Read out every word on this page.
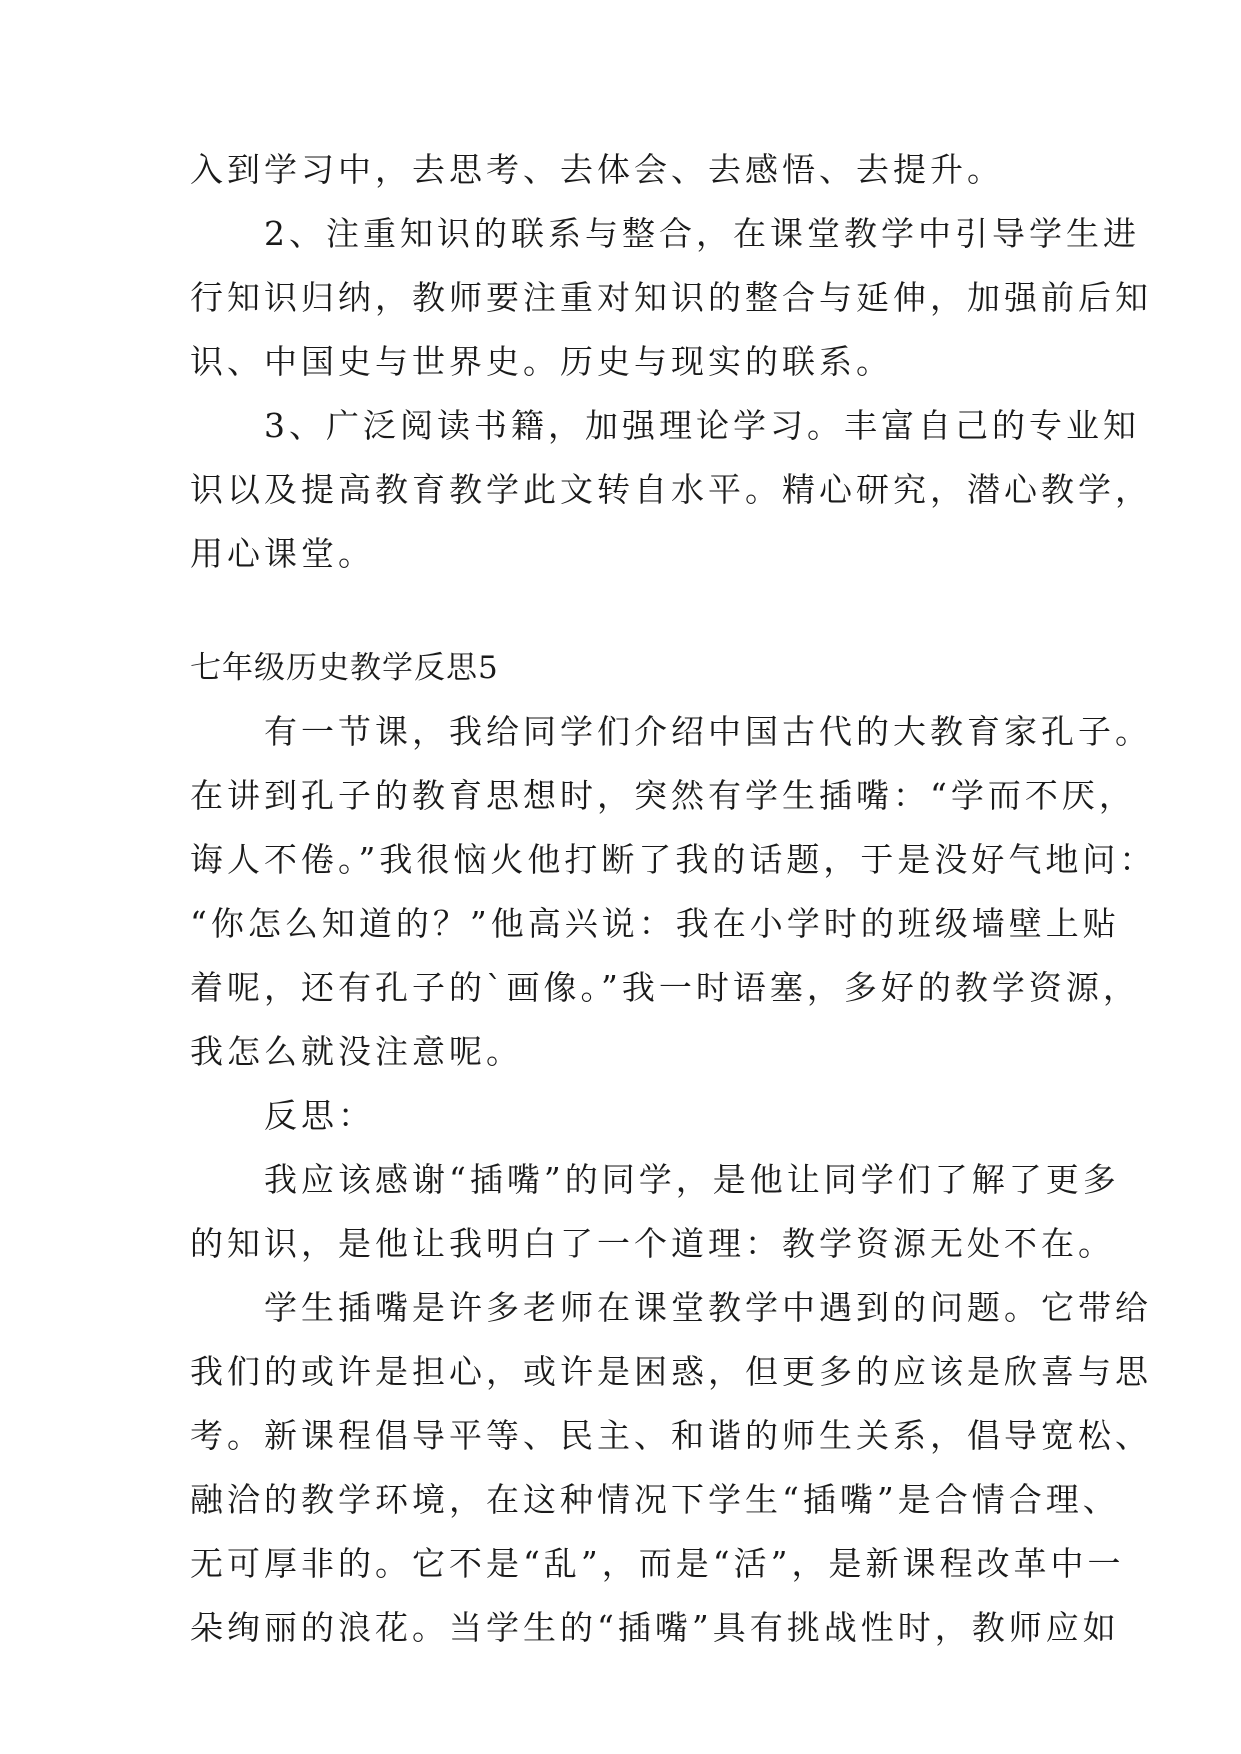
入到学习中，去思考、去体会、去感悟、去提升。
　　2、注重知识的联系与整合，在课堂教学中引导学生进
行知识归纳，教师要注重对知识的整合与延伸，加强前后知
识、中国史与世界史。历史与现实的联系。
　　3、广泛阅读书籍，加强理论学习。丰富自己的专业知
识以及提高教育教学此文转自水平。精心研究，潜心教学，
用心课堂。
七年级历史教学反思5
　　有一节课，我给同学们介绍中国古代的大教育家孔子。
在讲到孔子的教育思想时，突然有学生插嘴：“学而不厌，
诲人不倦。”我很恼火他打断了我的话题，于是没好气地问：
“你怎么知道的？”他高兴说：我在小学时的班级墙壁上贴
着呢，还有孔子的`画像。”我一时语塞，多好的教学资源，
我怎么就没注意呢。
　　反思：
　　我应该感谢“插嘴”的同学，是他让同学们了解了更多
的知识，是他让我明白了一个道理：教学资源无处不在。
　　学生插嘴是许多老师在课堂教学中遇到的问题。它带给
我们的或许是担心，或许是困惑，但更多的应该是欣喜与思
考。新课程倡导平等、民主、和谐的师生关系，倡导宽松、
融洽的教学环境，在这种情况下学生“插嘴”是合情合理、
无可厚非的。它不是“乱”，而是“活”，是新课程改革中一
朵绚丽的浪花。当学生的“插嘴”具有挑战性时，教师应如
